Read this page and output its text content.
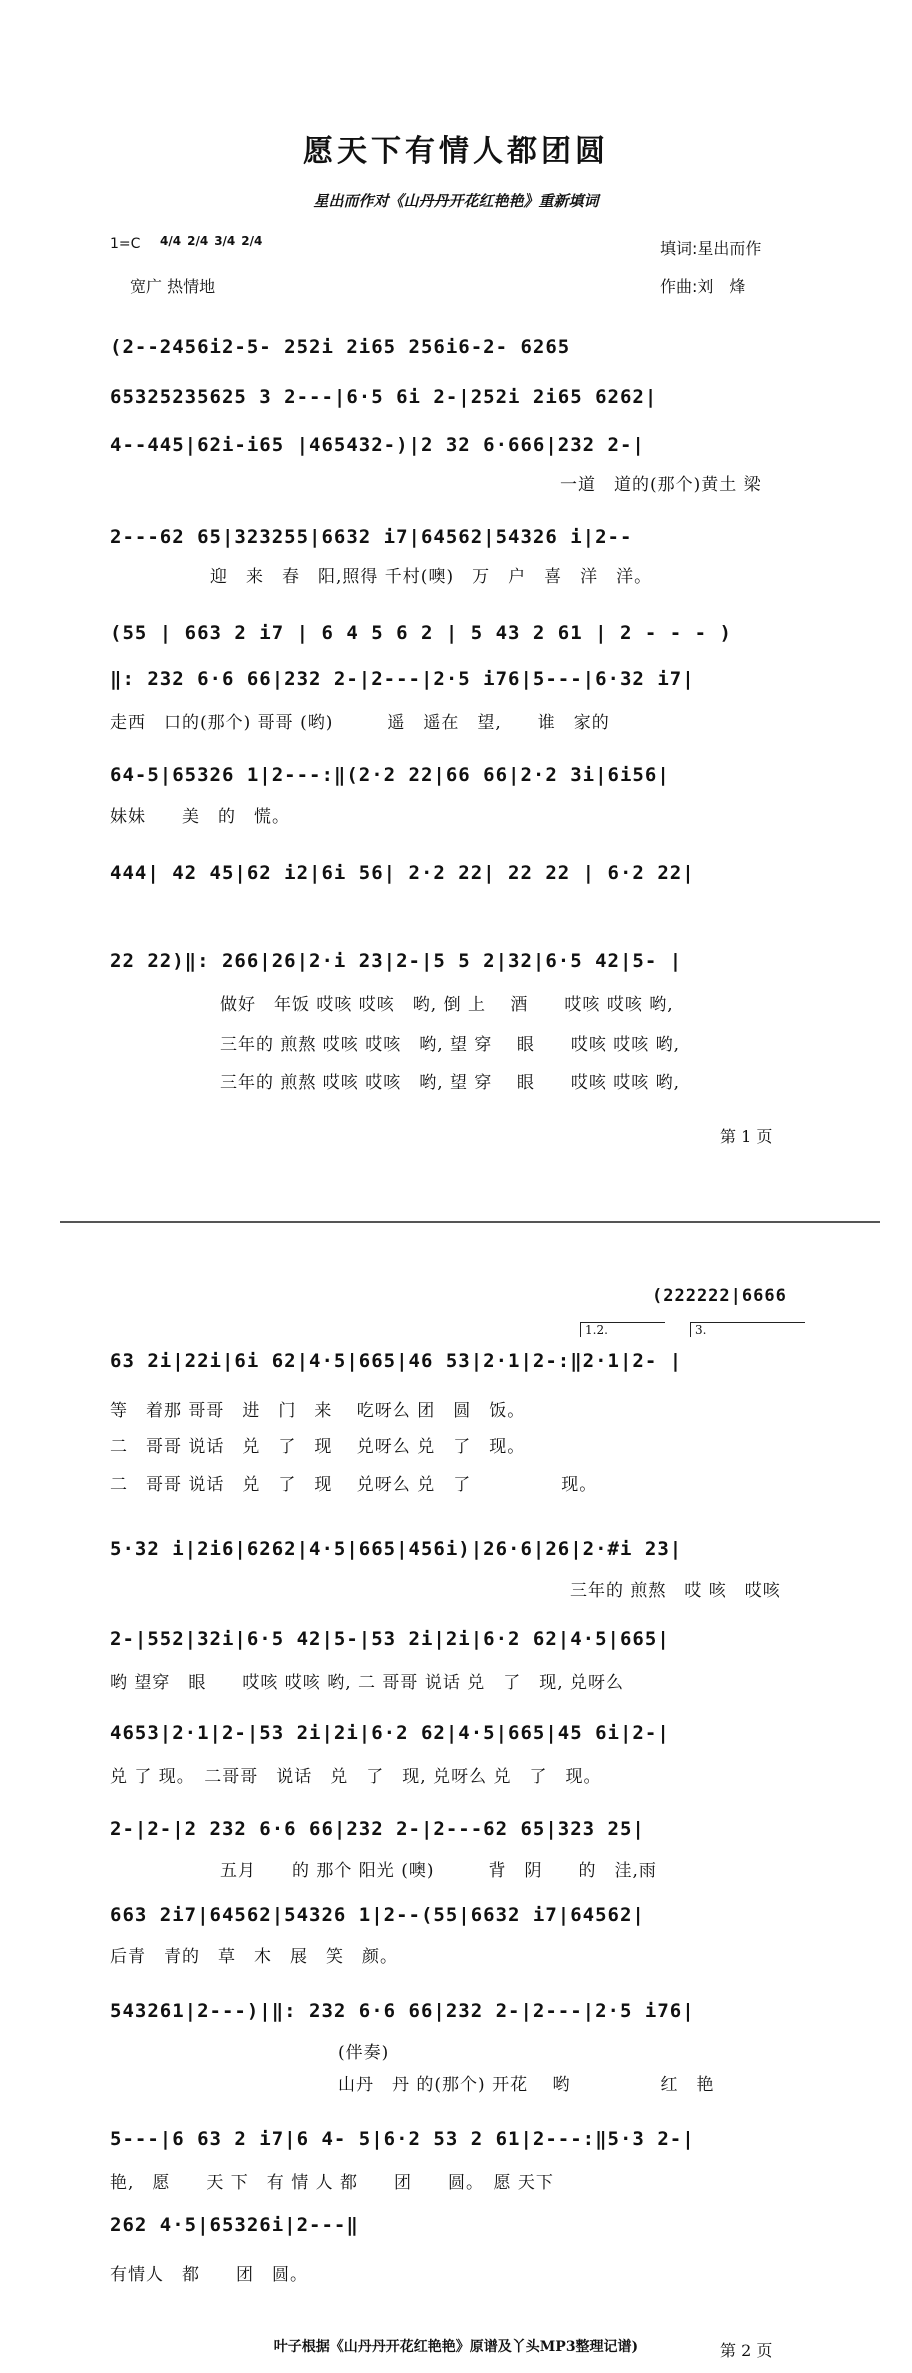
愿天下有情人都团圆
星出而作对《山丹丹开花红艳艳》重新填词
1=C 4/4 2/4 3/4 2/4	填词:星出而作
宽广 热情地	作曲:刘　烽
(2--2456i2-5- 252i 2i65 256i6-2- 6265
65325235625 3 2---|6·5 6i 2-|252i 2i65 6262|
4--445|62i-i65 |465432-)|2 32 6·666|232 2-|
一道　道的(那个)黄土 梁
2---62 65|323255|6632 i7|64562|54326 i|2--
迎　来　春　阳,照得 千村(噢)　万　户　喜　洋　洋。
(55 | 663 2 i7 | 6 4 5 6 2 | 5 43 2 61 | 2 - - - )
‖: 232 6·6 66|232 2-|2---|2·5 i76|5---|6·32 i7|
走西　口的(那个) 哥哥 (哟)　　　遥　遥在　望,　　谁　家的
64-5|65326 1|2---:‖(2·2 22|66 66|2·2 3i|6i56|
妹妹　　美　的　慌。
444| 42 45|62 i2|6i 56| 2·2 22| 22 22 | 6·2 22|
22 22)‖: 266|26|2·i 23|2-|5 5 2|32|6·5 42|5- |
做好　年饭 哎咳 哎咳　哟, 倒 上　 酒　　哎咳 哎咳 哟,
三年的 煎熬 哎咳 哎咳　哟, 望 穿　 眼　　哎咳 哎咳 哟,
三年的 煎熬 哎咳 哎咳　哟, 望 穿　 眼　　哎咳 哎咳 哟,
第 1 页
(222222|6666
1.2.	3.
63 2i|22i|6i 62|4·5|665|46 53|2·1|2-:‖2·1|2- |
等　着那 哥哥　进　门　来　 吃呀么 团　圆　饭。
二　哥哥 说话　兑　了　现　 兑呀么 兑　了　现。
二　哥哥 说话　兑　了　现　 兑呀么 兑　了　　　　　现。
5·32 i|2i6|6262|4·5|665|456i)|26·6|26|2·#i 23|
三年的 煎熬　哎 咳　哎咳
2-|552|32i|6·5 42|5-|53 2i|2i|6·2 62|4·5|665|
哟 望穿　眼　　哎咳 哎咳 哟, 二 哥哥 说话 兑　了　现, 兑呀么
4653|2·1|2-|53 2i|2i|6·2 62|4·5|665|45 6i|2-|
兑 了 现。　二哥哥　说话　兑　了　现, 兑呀么 兑　了　现。
2-|2-|2 232 6·6 66|232 2-|2---62 65|323 25|
五月　　的 那个 阳光 (噢)　　　背　阴　　的　洼,雨
663 2i7|64562|54326 1|2--(55|6632 i7|64562|
后青　青的　草　木　展　笑　颜。
543261|2---)|‖: 232 6·6 66|232 2-|2---|2·5 i76|
(伴奏)
山丹　丹 的(那个) 开花　 哟　　　　　红　艳
5---|6 63 2 i7|6 4- 5|6·2 53 2 61|2---:‖5·3 2-|
艳,　愿　　天 下　有 情 人 都　　团　　圆。　愿 天下
262 4·5|65326i|2---‖
有情人　都　　团　圆。
叶子根据《山丹丹开花红艳艳》原谱及丫头MP3整理记谱)	第 2 页
